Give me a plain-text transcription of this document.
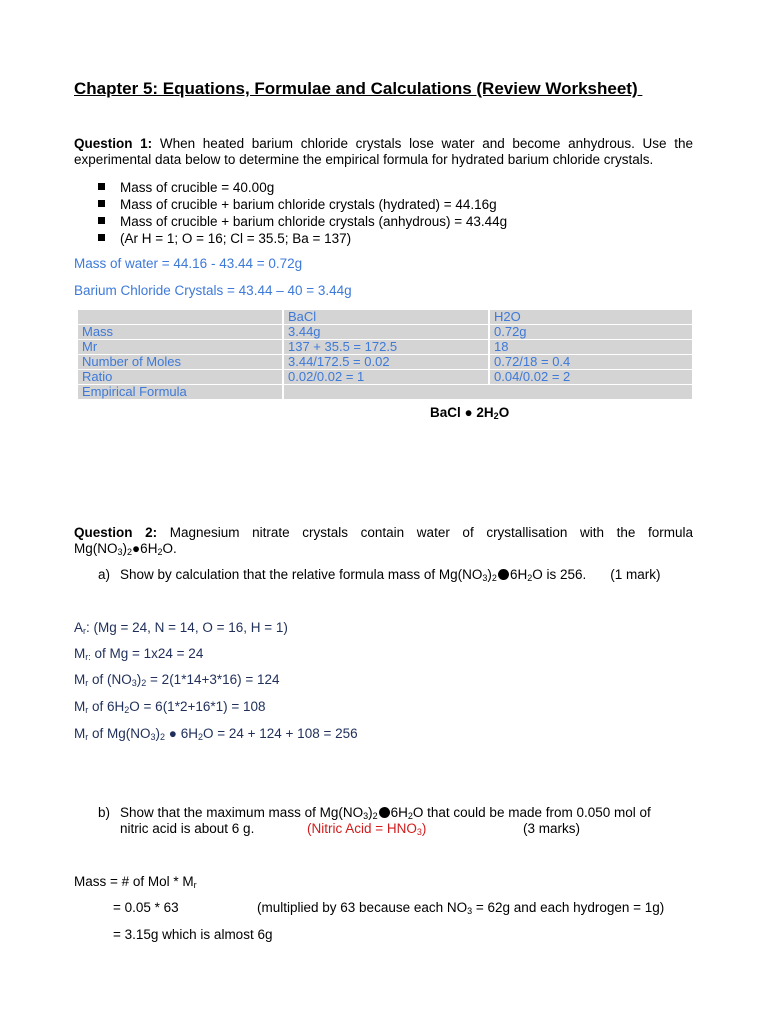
Chapter 5: Equations, Formulae and Calculations (Review Worksheet)
Question 1: When heated barium chloride crystals lose water and become anhydrous. Use the experimental data below to determine the empirical formula for hydrated barium chloride crystals.
Mass of crucible = 40.00g
Mass of crucible + barium chloride crystals (hydrated) = 44.16g
Mass of crucible + barium chloride crystals (anhydrous) = 43.44g
(Ar H = 1; O = 16; Cl = 35.5; Ba = 137)
Mass of water = 44.16 - 43.44 = 0.72g
Barium Chloride Crystals = 43.44 – 40 = 3.44g
	BaCl	H2O
Mass	3.44g	0.72g
Mr	137 + 35.5 = 172.5	18
Number of Moles	3.44/172.5 = 0.02	0.72/18 = 0.4
Ratio	0.02/0.02 = 1	0.04/0.02 = 2
Empirical Formula		
BaCl ● $2H_2O$
Question 2: Magnesium nitrate crystals contain water of crystallisation with the formula $Mg(NO_3)_2●6H_2O$.
a) Show by calculation that the relative formula mass of $Mg(NO_3)_2$ $6H_2O$ is 256. (1 mark)
$A_r$: (Mg = 24, N = 14, O = 16, H = 1)
$M_{r:}$ of Mg = 1x24 = 24
$M_r$ of $(NO_3)_2 = 2(1*14+3*16) = 124$
$M_r$ of $6H_2O = 6(1*2+16*1) = 108$
$M_r$ of $Mg(NO_3)_2$ ● $6H_2O = 24 + 124 + 108 = 256$
b) Show that the maximum mass of $Mg(NO_3)_2$ $6H_2O$ that could be made from 0.050 mol of
nitric acid is about 6 g.	(Nitric Acid = $HNO_3$)	(3 marks)
Mass = # of Mol * $M_r$
= 0.05 * 63	(multiplied by 63 because each $NO_3 = 62g$ and each hydrogen = 1g)
= 3.15g which is almost 6g
